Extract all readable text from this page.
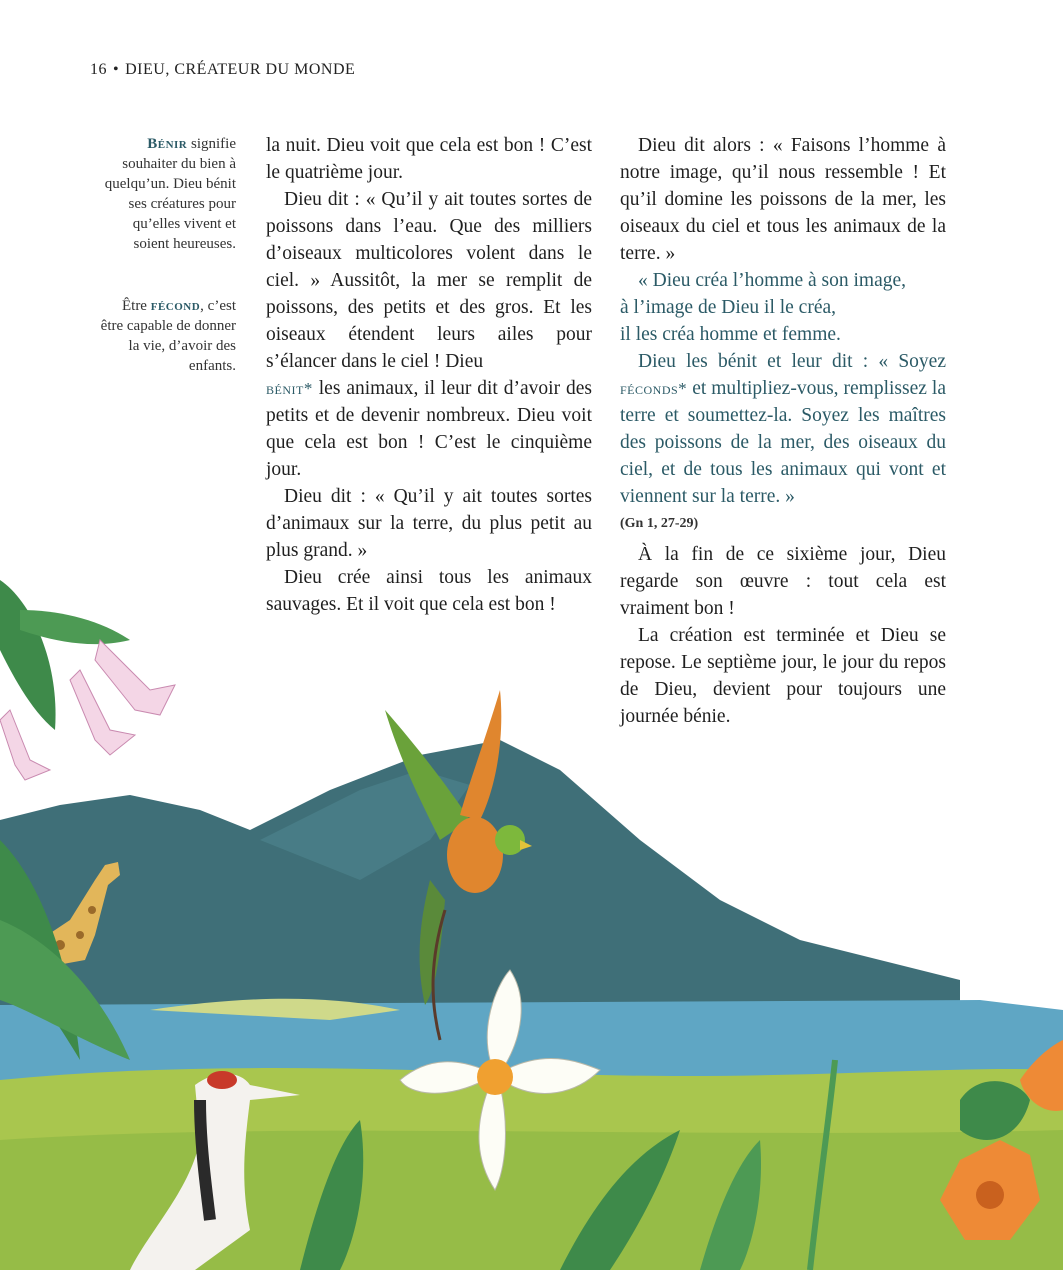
16 • DIEU, CRÉATEUR DU MONDE
Bénir signifie souhaiter du bien à quelqu’un. Dieu bénit ses créatures pour qu’elles vivent et soient heureuses.
Être fécond, c’est être capable de donner la vie, d’avoir des enfants.

la nuit. Dieu voit que cela est bon ! C’est le quatrième jour.

Dieu dit : « Qu’il y ait toutes sortes de poissons dans l’eau. Que des milliers d’oiseaux multicolores volent dans le ciel. » Aussitôt, la mer se remplit de poissons, des petits et des gros. Et les oiseaux étendent leurs ailes pour s’élancer dans le ciel ! Dieu

bénit* les animaux, il leur dit d’avoir des petits et de devenir nombreux. Dieu voit que cela est bon ! C’est le cinquième jour.

Dieu dit : « Qu’il y ait toutes sortes d’animaux sur la terre, du plus petit au plus grand. »

Dieu crée ainsi tous les animaux sauvages. Et il voit que cela est bon !

Dieu dit alors : « Faisons l’homme à notre image, qu’il nous ressemble ! Et qu’il domine les poissons de la mer, les oiseaux du ciel et tous les animaux de la terre. »

« Dieu créa l’homme à son image,

à l’image de Dieu il le créa,

il les créa homme et femme.

Dieu les bénit et leur dit : « Soyez féconds* et multipliez-vous, remplissez la terre et soumettez-la. Soyez les maîtres des poissons de la mer, des oiseaux du ciel, et de tous les animaux qui vont et viennent sur la terre. »

(Gn 1, 27-29)

À la fin de ce sixième jour, Dieu regarde son œuvre : tout cela est vraiment bon !

La création est terminée et Dieu se repose. Le septième jour, le jour du repos de Dieu, devient pour toujours une journée bénie.
